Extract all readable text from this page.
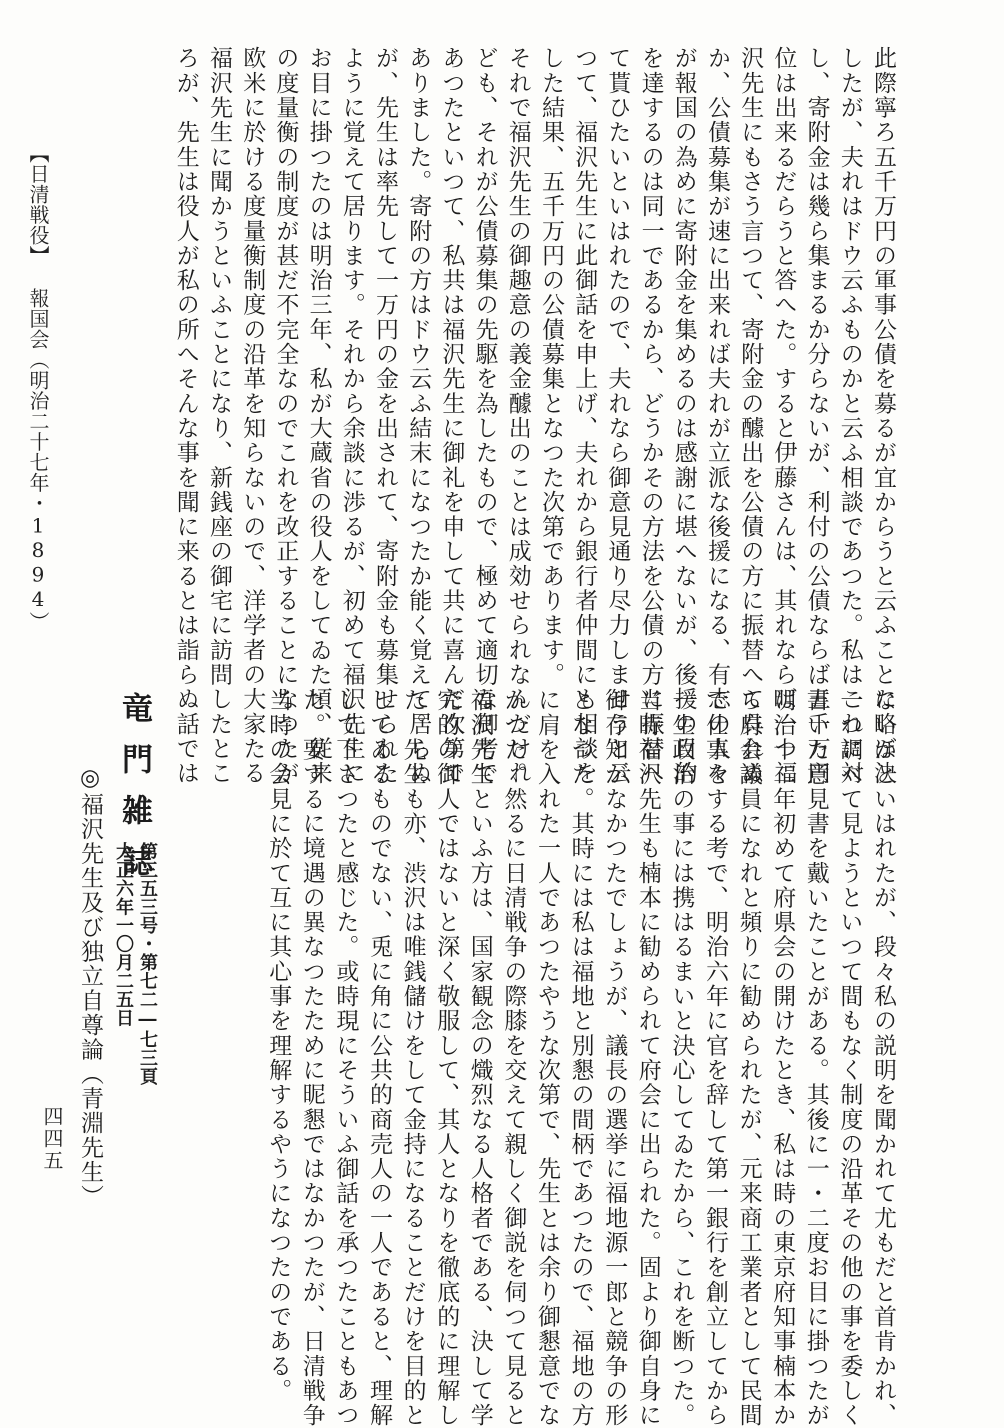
【日清戦役】報国会（明治二十七年・1894）	此際寧ろ五千万円の軍事公債を募るが宜からうと云ふことに略ぼ決
したが、夫れはドウ云ふものかと云ふ相談であつた。私はこれに対
し、寄附金は幾ら集まるか分らないが、利付の公債ならば五千万円
位は出来るだらうと答へた。すると伊藤さんは、其れならば一つ福
沢先生にもさう言つて、寄附金の醵出を公債の方に振替へて呉れぬ
か、公債募集が速に出来れば夫れが立派な後援になる、有志の人々
が報国の為めに寄附金を集めるのは感謝に堪へないが、後援の目的
を達するのは同一であるから、どうかその方法を公債の方に振替へ
て貰ひたいといはれたので、夫れなら御意見通り尽力しませうと云
つて、福沢先生に此御話を申上げ、夫れから銀行者仲間にも相談を
した結果、五千万円の公債募集となつた次第であります。
それで福沢先生の御趣意の義金醵出のことは成効せられなんだけれ
ども、それが公債募集の先駆を為したもので、極めて適切な御考で
あつたといつて、私共は福沢先生に御礼を申して共に喜んだ次第で
ありました。寄附の方はドウ云ふ結末になつたか能く覚えて居らぬ
が、先生は率先して一万円の金を出されて、寄附金も募集せられた
ように覚えて居ります。それから余談に渉るが、初めて福沢先生に
お目に掛つたのは明治三年、私が大蔵省の役人をしてゐた頃、従来
の度量衡の制度が甚だ不完全なのでこれを改正することになつたが
欧米に於ける度量衡制度の沿革を知らないので、洋学者の大家たる
福沢先生に聞かうといふことになり、新銭座の御宅に訪問したとこ
ろが、先生は役人が私の所へそんな事を聞に来るとは詣らぬ話では
ないかといはれたが、段々私の説明を聞かれて尤もだと首肯かれ、
一つ調べて見ようといつて間もなく制度の沿革その他の事を委しく
書いた意見書を戴いたことがある。其後に一・二度お目に掛つたが
明治十二年初めて府県会の開けたとき、私は時の東京府知事楠本か
ら府会議員になれと頻りに勧められたが、元来商工業者として民間
で仕事をする考で、明治六年に官を辞して第一銀行を創立してから
一生政治の事には携はるまいと決心してゐたから、これを断つた。
当時福沢先生も楠本に勧められて府会に出られた。固より御自身に
御存知がなかつたでしょうが、議長の選挙に福地源一郎と競争の形
となつた。其時には私は福地と別懇の間柄であつたので、福地の方
に肩を入れた一人であつたやうな次第で、先生とは余り御懇意でな
かつた。然るに日清戦争の際膝を交えて親しく御説を伺つて見ると
福沢先生といふ方は、国家観念の熾烈なる人格者である、決して学
究的の御人ではないと深く敬服して、其人となりを徹底的に理解し
た。先生も亦、渋沢は唯銭儲けをして金持になることだけを目的と
してゐるものでない、兎に角に公共的商売人の一人であると、理解
して下さつたと感じた。或時現にそういふ御話を承つたこともあつ
た。要するに境遇の異なつたために昵懇ではなかつたが、日清戦争
当時の会見に於て互に其心事を理解するやうになつたのである。
竜門雑誌
第三五三号・第七二―七三頁
大正六年一〇月二五日
◎福沢先生及び独立自尊論（青淵先生）
四四五
